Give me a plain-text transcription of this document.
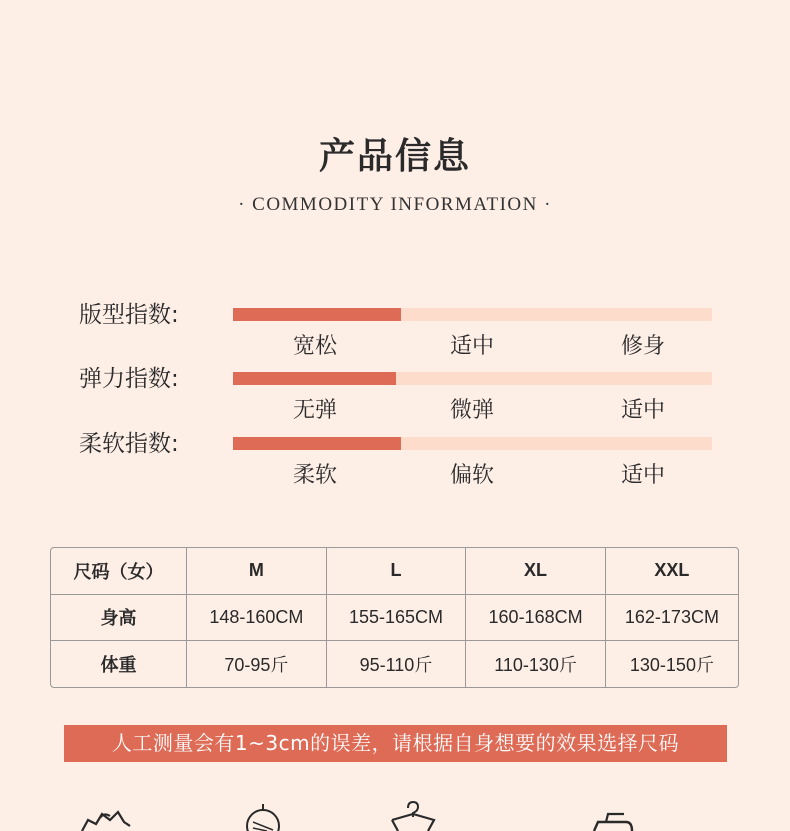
产品信息
· COMMODITY INFORMATION ·
版型指数:
宽松	适中	修身
弹力指数:
无弹	微弹	适中
柔软指数:
柔软	偏软	适中
尺码（女）	M	L	XL	XXL
身高	148-160CM	155-165CM	160-168CM	162-173CM
体重	70-95斤	95-110斤	110-130斤	130-150斤
人工测量会有1~3cm的误差，请根据自身想要的效果选择尺码
